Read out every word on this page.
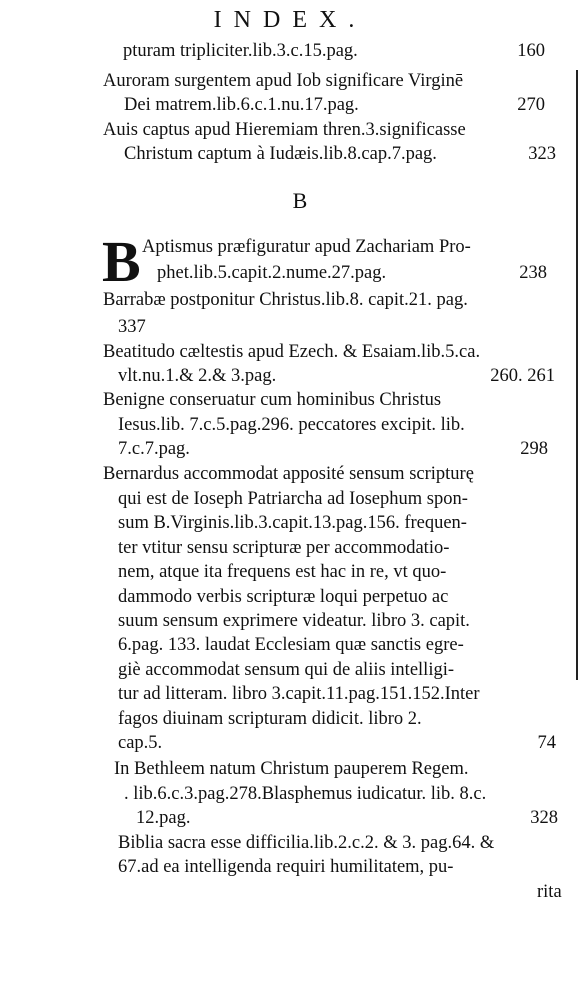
INDEX.
pturam tripliciter.lib.3.c.15.pag.	160
Auroram surgentem apud Iob significare Virginē
Dei matrem.lib.6.c.1.nu.17.pag.	270
Auis captus apud Hieremiam thren.3.significasse
Christum captum à Iudæis.lib.8.cap.7.pag.	323
B
B Aptismus præfiguratur apud Zachariam Pro-
phet.lib.5.capit.2.nume.27.pag.	238
Barrabæ postponitur Christus.lib.8. capit.21. pag.
337
Beatitudo cæltestis apud Ezech. & Esaiam.lib.5.ca.
vlt.nu.1.& 2.& 3.pag.	260. 261
Benigne conseruatur cum hominibus Christus
Iesus.lib. 7.c.5.pag.296. peccatores excipit. lib.
7.c.7.pag.	298
Bernardus accommodat apposité sensum scripturę
qui est de Ioseph Patriarcha ad Iosephum spon-
sum B.Virginis.lib.3.capit.13.pag.156. frequen-
ter vtitur sensu scripturæ per accommodatio-
nem, atque ita frequens est hac in re, vt quo-
dammodo verbis scripturæ loqui perpetuo ac
suum sensum exprimere videatur. libro 3. capit.
6.pag. 133. laudat Ecclesiam quæ sanctis egre-
giè accommodat sensum qui de aliis intelligi-
tur ad litteram. libro 3.capit.11.pag.151.152.Inter
fagos diuinam scripturam didicit. libro 2.
cap.5.	74
In Bethleem natum Christum pauperem Regem.
. lib.6.c.3.pag.278.Blasphemus iudicatur. lib. 8.c.
12.pag.	328
Biblia sacra esse difficilia.lib.2.c.2. & 3. pag.64. &
67.ad ea intelligenda requiri humilitatem, pu-
rita
